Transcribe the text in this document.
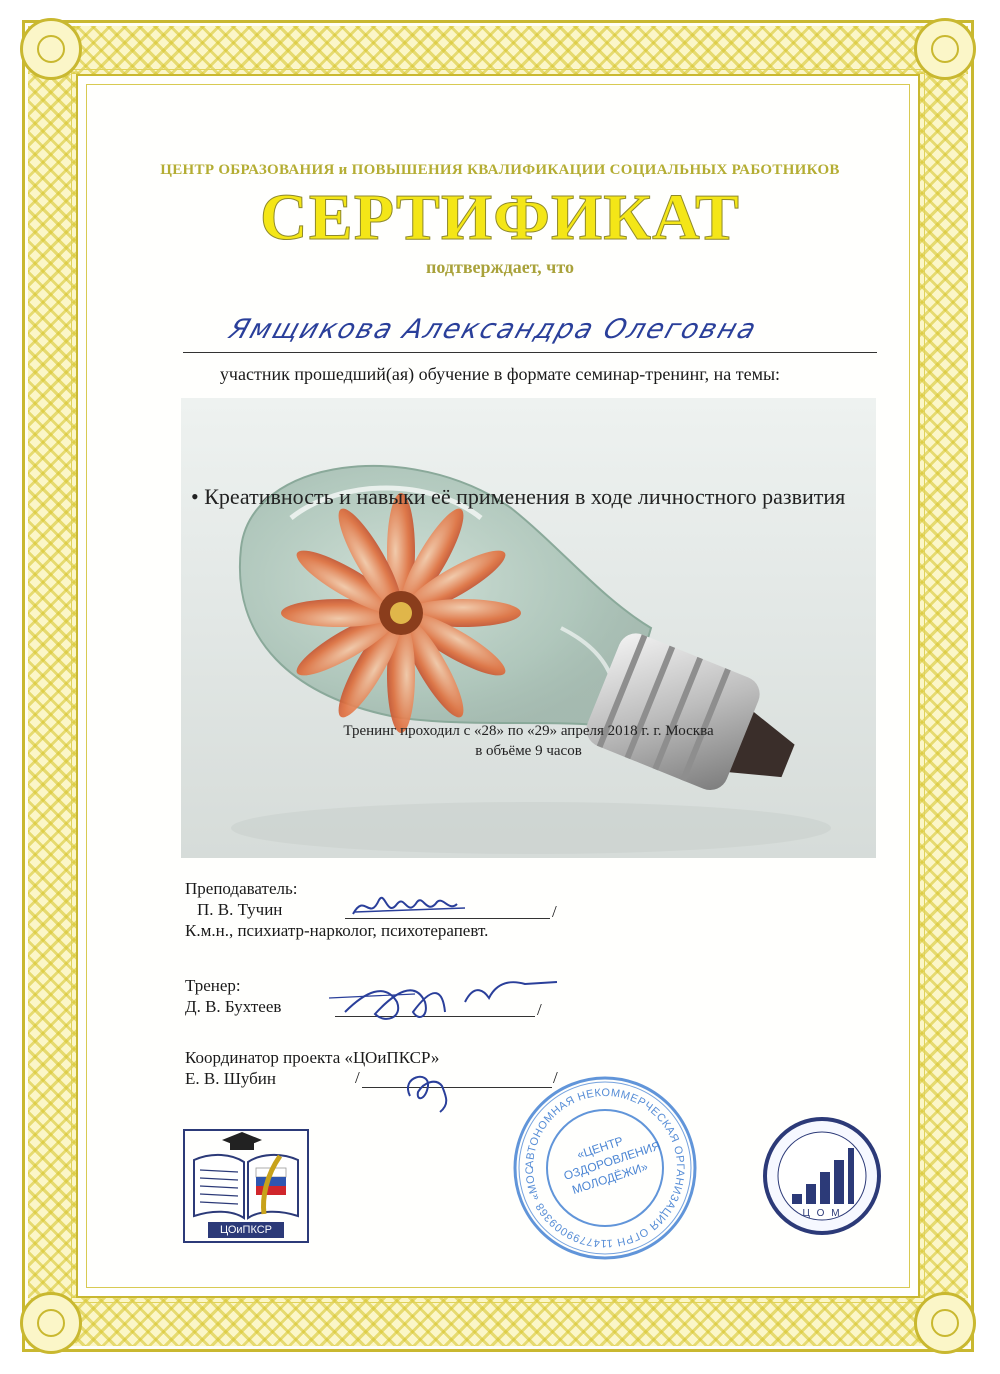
ЦЕНТР ОБРАЗОВАНИЯ и ПОВЫШЕНИЯ КВАЛИФИКАЦИИ СОЦИАЛЬНЫХ РАБОТНИКОВ
СЕРТИФИКАТ
подтверждает, что
Ямщикова Александра Олеговна
участник прошедший(ая) обучение в формате семинар-тренинг, на темы:
• Креативность и навыки её применения в ходе личностного развития
Тренинг проходил с «28» по «29» апреля 2018 г. г. Москва
в объёме 9 часов
Преподаватель:
П. В. Тучин
К.м.н., психиатр-нарколог, психотерапевт.
/
Тренер:
Д. В. Бухтеев	/
Координатор проекта «ЦОиПКСР»
Е. В. Шубин	/	/
ЦОиПКСР
АВТОНОМНАЯ НЕКОММЕРЧЕСКАЯ ОРГАНИЗАЦИЯ ОГРН 1147799009368 «МОС
«ЦЕНТР ОЗДОРОВЛЕНИЯ МОЛОДЁЖИ»
Ц О М
